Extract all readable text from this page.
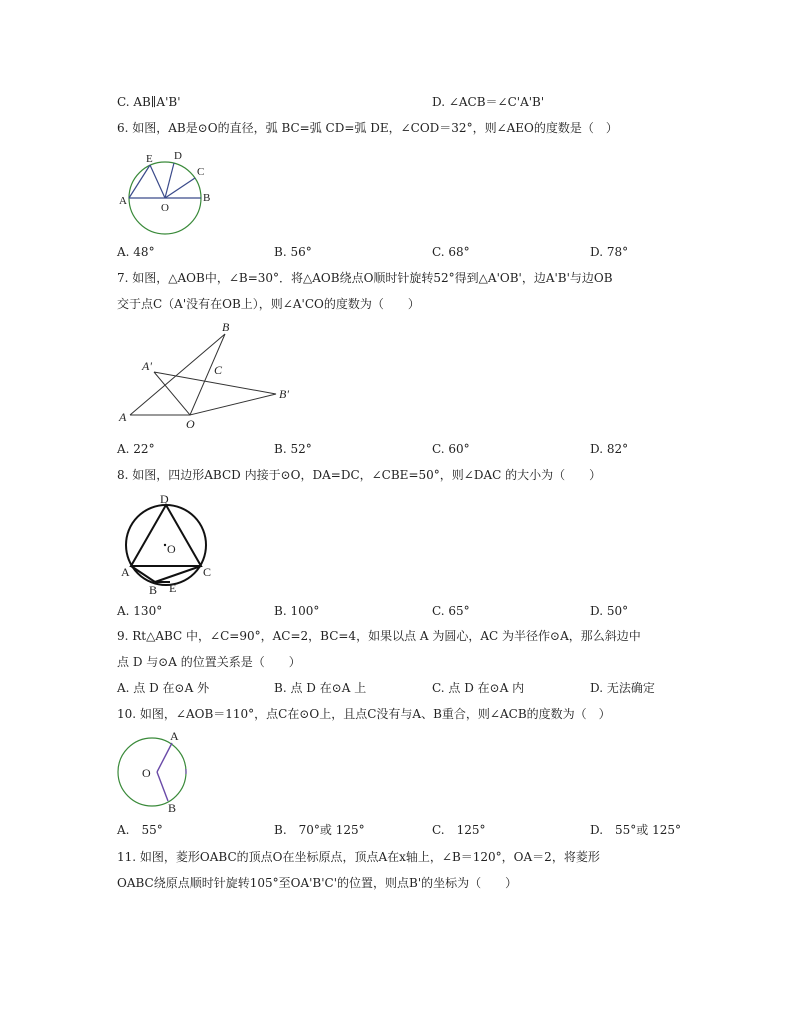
C. AB∥A'B'	D. ∠ACB＝∠C'A'B'
6. 如图，AB是⊙O的直径，弧 BC=弧 CD=弧 DE，∠COD＝32°，则∠AEO的度数是（　）
E D
C
A
O
B
A. 48°	B. 56°	C. 68°	D. 78°
7. 如图，△AOB中，∠B=30°．将△AOB绕点O顺时针旋转52°得到△A'OB'，边A'B'与边OB
交于点C（A'没有在OB上），则∠A'CO的度数为（　　）
B
A'	C
B'
A	O
A. 22°	B. 52°	C. 60°	D. 82°
8. 如图，四边形ABCD 内接于⊙O，DA=DC，∠CBE=50°，则∠DAC 的大小为（　　）
D
O
A
B E
C
A. 130°	B. 100°	C. 65°	D. 50°
9. Rt△ABC 中，∠C=90°，AC=2，BC=4，如果以点 A 为圆心，AC 为半径作⊙A，那么斜边中
点 D 与⊙A 的位置关系是（　　）
A. 点 D 在⊙A 外	B. 点 D 在⊙A 上	C. 点 D 在⊙A 内	D. 无法确定
10. 如图，∠AOB＝110°，点C在⊙O上，且点C没有与A、B重合，则∠ACB的度数为（　）
A
O
B
A.　55°	B.　70°或 125°	C.　125°	D.　55°或 125°
11. 如图，菱形OABC的顶点O在坐标原点，顶点A在x轴上，∠B＝120°，OA＝2，将菱形
OABC绕原点顺时针旋转105°至OA'B'C'的位置，则点B'的坐标为（　　）
